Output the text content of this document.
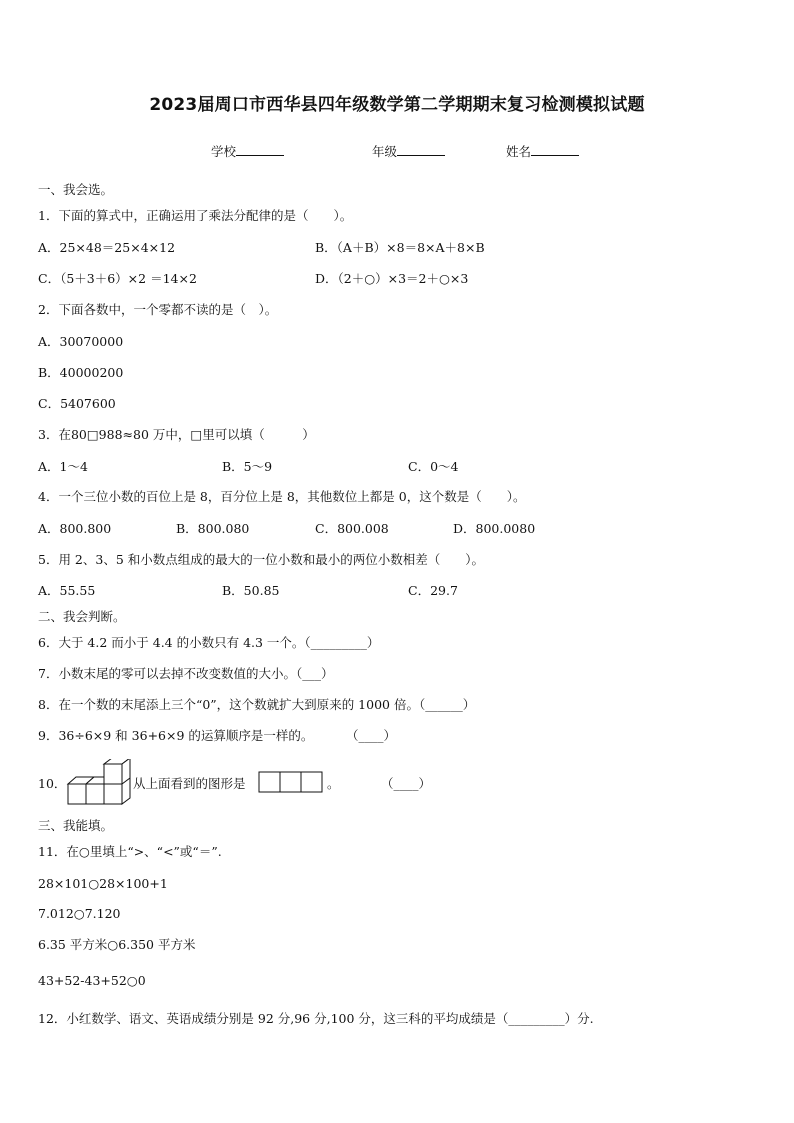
2023届周口市西华县四年级数学第二学期期末复习检测模拟试题
学校	年级	姓名
一、我会选。
1．下面的算式中，正确运用了乘法分配律的是（　　）。
A．25×48＝25×4×12	B．（A＋B）×8＝8×A＋8×B
C．（5＋3＋6）×2 ＝14×2	D．（2＋○）×3＝2＋○×3
2．下面各数中，一个零都不读的是（　）。
A．30070000
B．40000200
C．5407600
3．在80□988≈80 万中，□里可以填（　　　）
A．1～4	B．5～9	C．0～4
4．一个三位小数的百位上是 8，百分位上是 8，其他数位上都是 0，这个数是（　　）。
A．800.800	B．800.080	C．800.008	D．800.0080
5．用 2、3、5 和小数点组成的最大的一位小数和最小的两位小数相差（　　）。
A．55.55	B．50.85	C．29.7
二、我会判断。
6．大于 4.2 而小于 4.4 的小数只有 4.3 一个。（_________）
7．小数末尾的零可以去掉不改变数值的大小。（___）
8．在一个数的末尾添上三个“0”，这个数就扩大到原来的 1000 倍。（______）
9．36÷6×9 和 36+6×9 的运算顺序是一样的。	（____）
10．	从上面看到的图形是	。	（____）
三、我能填。
11．在○里填上“>、“<”或“＝”.
28×101○28×100+1
7.012○7.120
6.35 平方米○6.350 平方米
43+52-43+52○0
12．小红数学、语文、英语成绩分别是 92 分,96 分,100 分，这三科的平均成绩是（_________）分.
